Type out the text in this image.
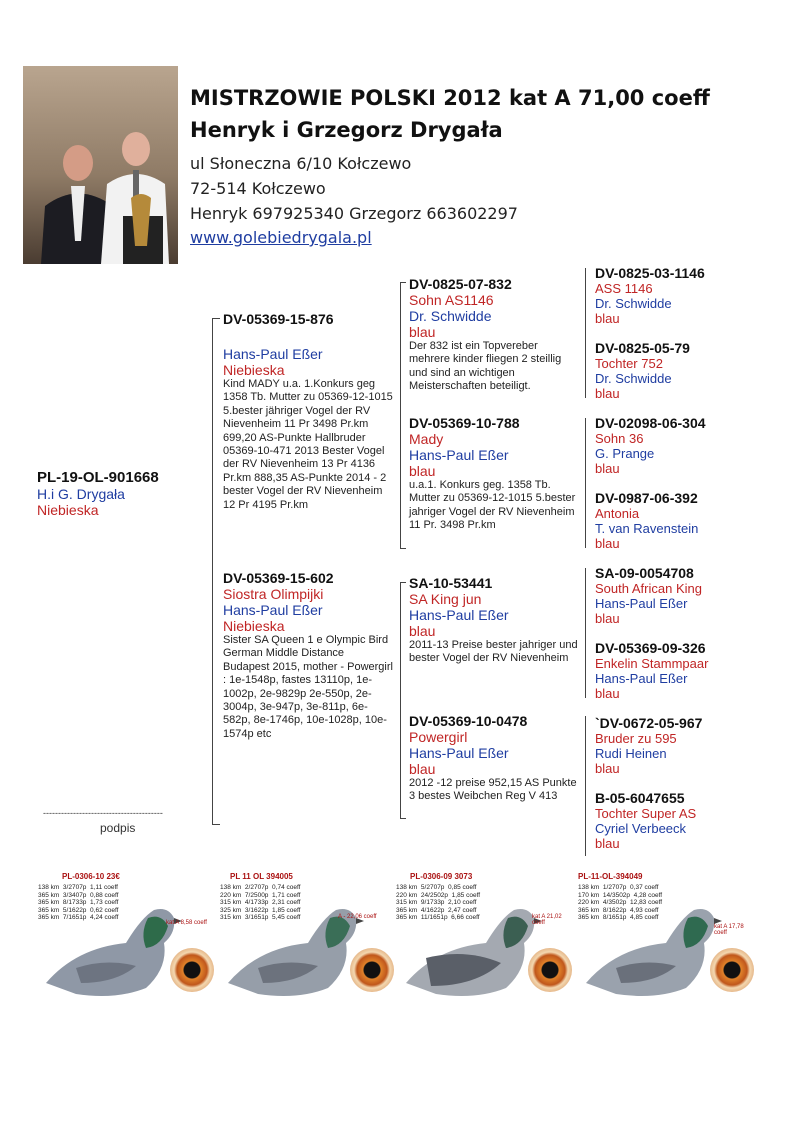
MISTRZOWIE POLSKI 2012 kat A 71,00 coeff
Henryk i Grzegorz Drygała
ul Słoneczna 6/10 Kołczewo
72-514 Kołczewo
Henryk 697925340 Grzegorz 663602297
www.golebiedrygala.pl
PL-19-OL-901668
H.i G. Drygała
Niebieska
----------------------------------------
podpis
DV-05369-15-876
Hans-Paul Eßer
Niebieska
Kind MADY u.a. 1.Konkurs geg 1358 Tb. Mutter zu 05369-12-1015 5.bester jähriger Vogel der RV Nievenheim 11 Pr 3498 Pr.km 699,20 AS-Punkte Hallbruder 05369-10-471 2013 Bester Vogel der RV Nievenheim 13 Pr 4136 Pr.km 888,35 AS-Punkte 2014 - 2 bester Vogel der RV Nievenheim 12 Pr 4195 Pr.km
DV-05369-15-602
Siostra Olimpijki
Hans-Paul Eßer
Niebieska
Sister SA Queen 1 e Olympic Bird German Middle Distance Budapest 2015, mother - Powergirl : 1e-1548p, fastes 13110p, 1e-1002p, 2e-9829p 2e-550p, 2e-3004p, 3e-947p, 3e-811p, 6e-582p, 8e-1746p, 10e-1028p, 10e-1574p etc
DV-0825-07-832
Sohn AS1146
Dr. Schwidde
blau
Der 832 ist ein Topvereber mehrere kinder fliegen 2 steillig und sind an wichtigen Meisterschaften beteiligt.
DV-05369-10-788
Mady
Hans-Paul Eßer
blau
u.a.1. Konkurs geg. 1358 Tb. Mutter zu 05369-12-1015 5.bester jahriger Vogel der RV Nievenheim 11 Pr. 3498 Pr.km
SA-10-53441
SA King jun
Hans-Paul Eßer
blau
2011-13 Preise bester jahriger und bester Vogel der RV Nievenheim
DV-05369-10-0478
Powergirl
Hans-Paul Eßer
blau
2012 -12 preise 952,15 AS Punkte 3 bestes Weibchen Reg V 413
DV-0825-03-1146
ASS 1146
Dr. Schwidde
blau
DV-0825-05-79
Tochter 752
Dr. Schwidde
blau
DV-02098-06-304
Sohn 36
G. Prange
blau
DV-0987-06-392
Antonia
T. van Ravenstein
blau
SA-09-0054708
South African King
Hans-Paul Eßer
blau
DV-05369-09-326
Enkelin Stammpaar
Hans-Paul Eßer
blau
`DV-0672-05-967
Bruder zu 595
Rudi Heinen
blau
B-05-6047655
Tochter Super AS
Cyriel Verbeeck
blau
PL-0306-10 23€
138 km  3/2707p  1,11 coeff
365 km  3/3407p  0,88 coeff
365 km  8/1733p  1,73 coeff
365 km  5/1622p  0,62 coeff
365 km  7/1651p  4,24 coeff
kat A 8,58 coeff
PL 11 OL 394005
138 km  2/2707p  0,74 coeff
220 km  7/2500p  1,71 coeff
315 km  4/1733p  2,31 coeff
325 km  3/1622p  1,85 coeff
315 km  3/1651p  5,45 coeff	A - 22,06 coeff
PL-0306-09 3073
138 km  5/2707p  0,85 coeff
220 km  24/2502p  1,85 coeff
315 km  9/1733p  2,10 coeff
365 km  4/1622p  2,47 coeff
365 km  11/1651p  6,66 coeff	kat A 21,02 coeff
PL-11-OL-394049
138 km  1/2707p  0,37 coeff
170 km  14/3502p  4,28 coeff
220 km  4/3502p  12,83 coeff
365 km  8/1622p  4,93 coeff
365 km  8/1651p  4,85 coeff
kat A 17,78 coeff
